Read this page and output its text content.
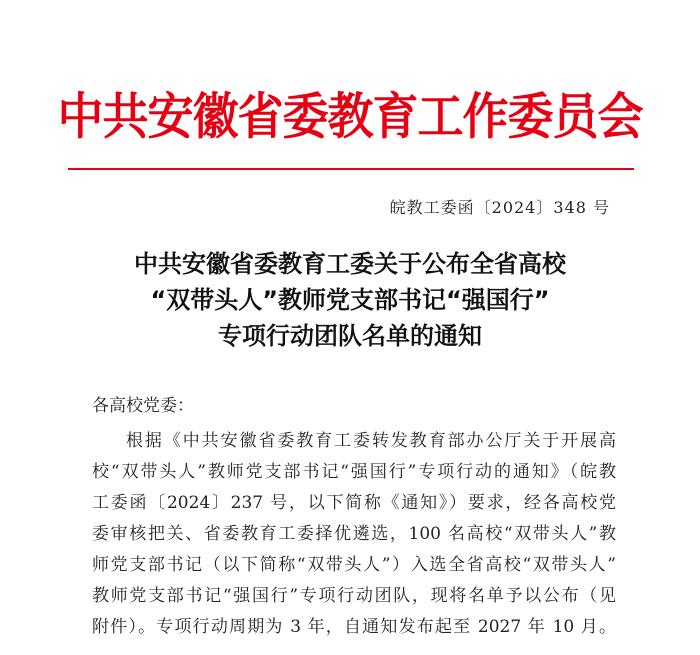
中共安徽省委教育工作委员会
皖教工委函〔2024〕348 号
中共安徽省委教育工委关于公布全省高校
“双带头人”教师党支部书记“强国行”
专项行动团队名单的通知
各高校党委：
根据《中共安徽省委教育工委转发教育部办公厅关于开展高
校“双带头人”教师党支部书记“强国行”专项行动的通知》（皖教
工委函〔2024〕237 号，以下简称《通知》）要求，经各高校党
委审核把关、省委教育工委择优遴选，100 名高校“双带头人”教
师党支部书记（以下简称“双带头人”）入选全省高校“双带头人”
教师党支部书记“强国行”专项行动团队，现将名单予以公布（见
附件）。专项行动周期为 3 年，自通知发布起至 2027 年 10 月。
